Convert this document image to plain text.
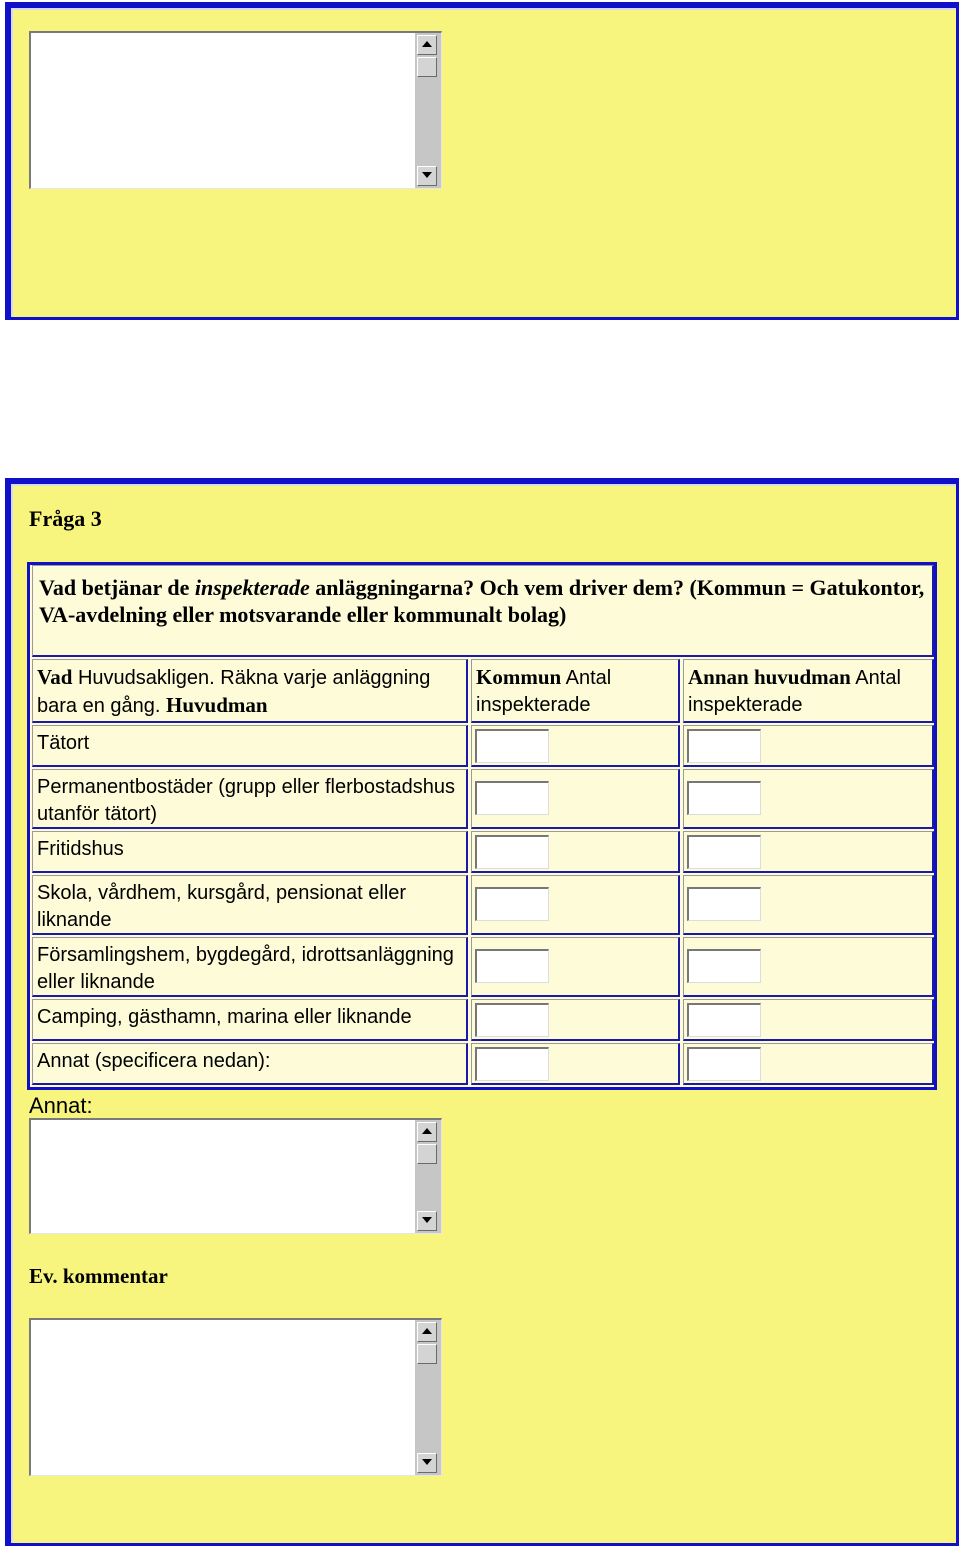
Fråga 3
Vad betjänar de inspekterade anläggningarna? Och vem driver dem? (Kommun = Gatukontor, VA-avdelning eller motsvarande eller kommunalt bolag)
Vad Huvudsakligen. Räkna varje anläggning bara en gång. Huvudman
Kommun Antal inspekterade
Annan huvudman Antal inspekterade
Tätort
Permanentbostäder (grupp eller flerbostadshus utanför tätort)
Fritidshus
Skola, vårdhem, kursgård, pensionat eller liknande
Församlingshem, bygdegård, idrottsanläggning eller liknande
Camping, gästhamn, marina eller liknande
Annat (specificera nedan):
Annat:
Ev. kommentar
